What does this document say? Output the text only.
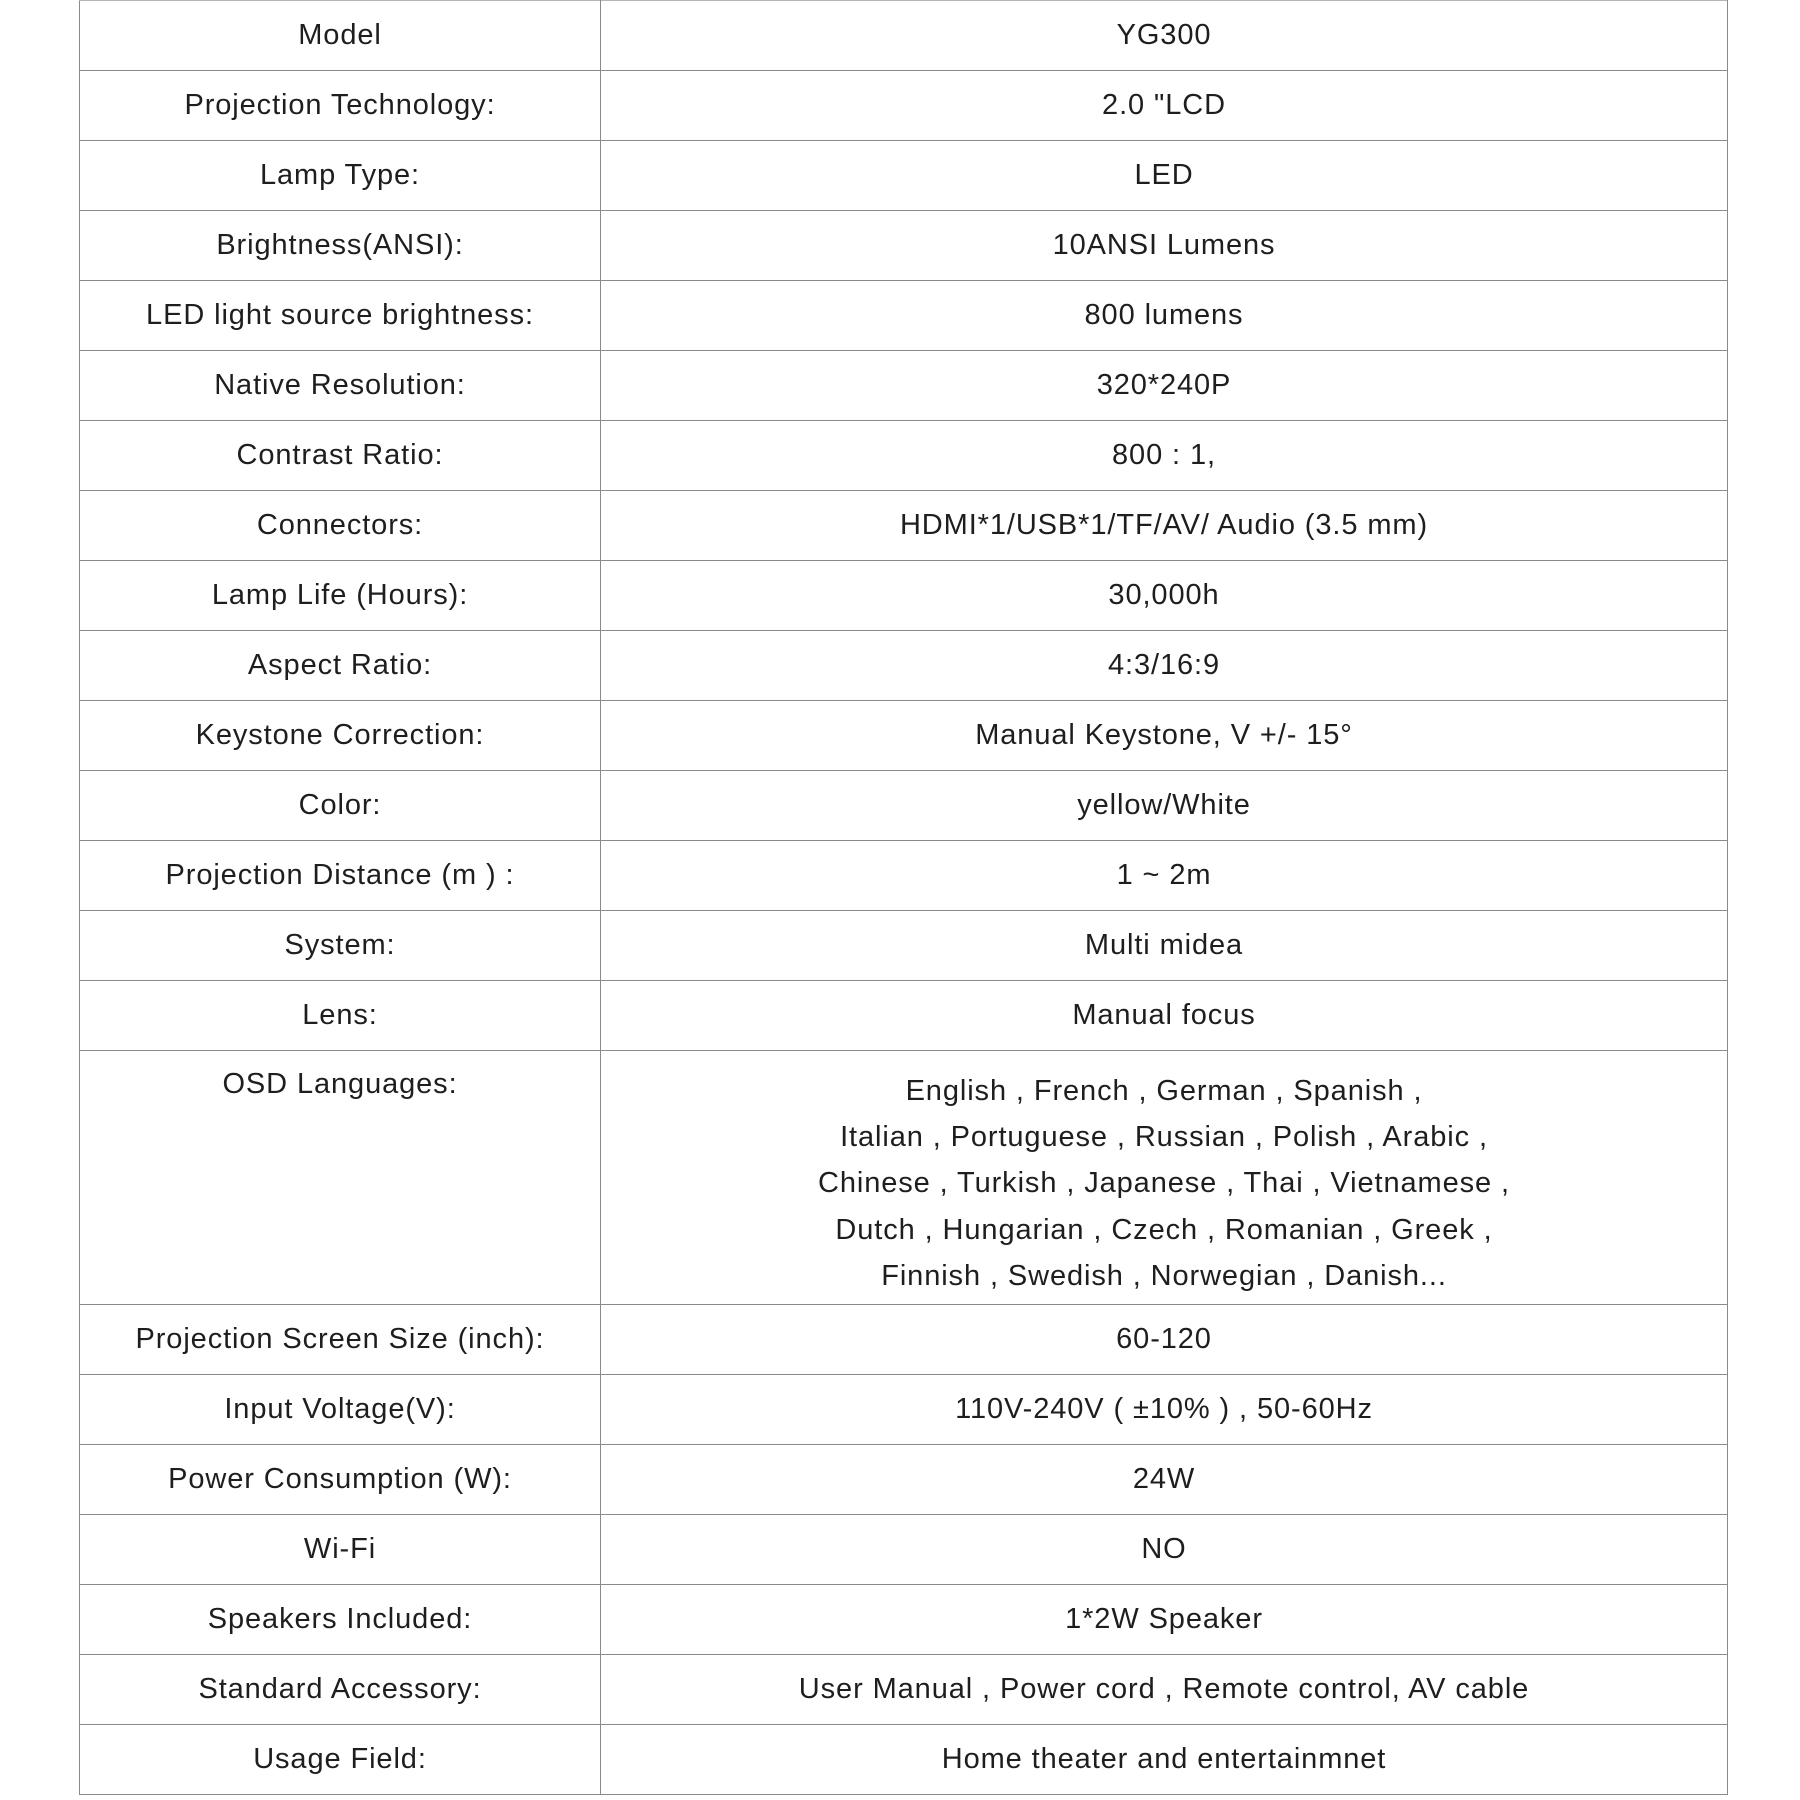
Model	YG300
Projection Technology:	2.0 "LCD
Lamp Type:	LED
Brightness(ANSI):	10ANSI Lumens
LED light source brightness:	800 lumens
Native Resolution:	320*240P
Contrast Ratio:	800 : 1,
Connectors:	HDMI*1/USB*1/TF/AV/ Audio (3.5 mm)
Lamp Life (Hours):	30,000h
Aspect Ratio:	4:3/16:9
Keystone Correction:	Manual Keystone, V +/- 15°
Color:	yellow/White
Projection Distance (m ) :	1 ~ 2m
System:	Multi midea
Lens:	Manual focus
OSD Languages:	English , French , German , Spanish ,
Italian , Portuguese , Russian , Polish , Arabic ,
Chinese , Turkish , Japanese , Thai , Vietnamese ,
Dutch , Hungarian , Czech , Romanian , Greek ,
Finnish , Swedish , Norwegian , Danish...

Projection Screen Size (inch):	60-120
Input Voltage(V):	110V-240V ( ±10% ) , 50-60Hz
Power Consumption (W):	24W
Wi-Fi	NO
Speakers Included:	1*2W Speaker
Standard Accessory:	User Manual , Power cord , Remote control, AV cable
Usage Field:	Home theater and entertainmnet
